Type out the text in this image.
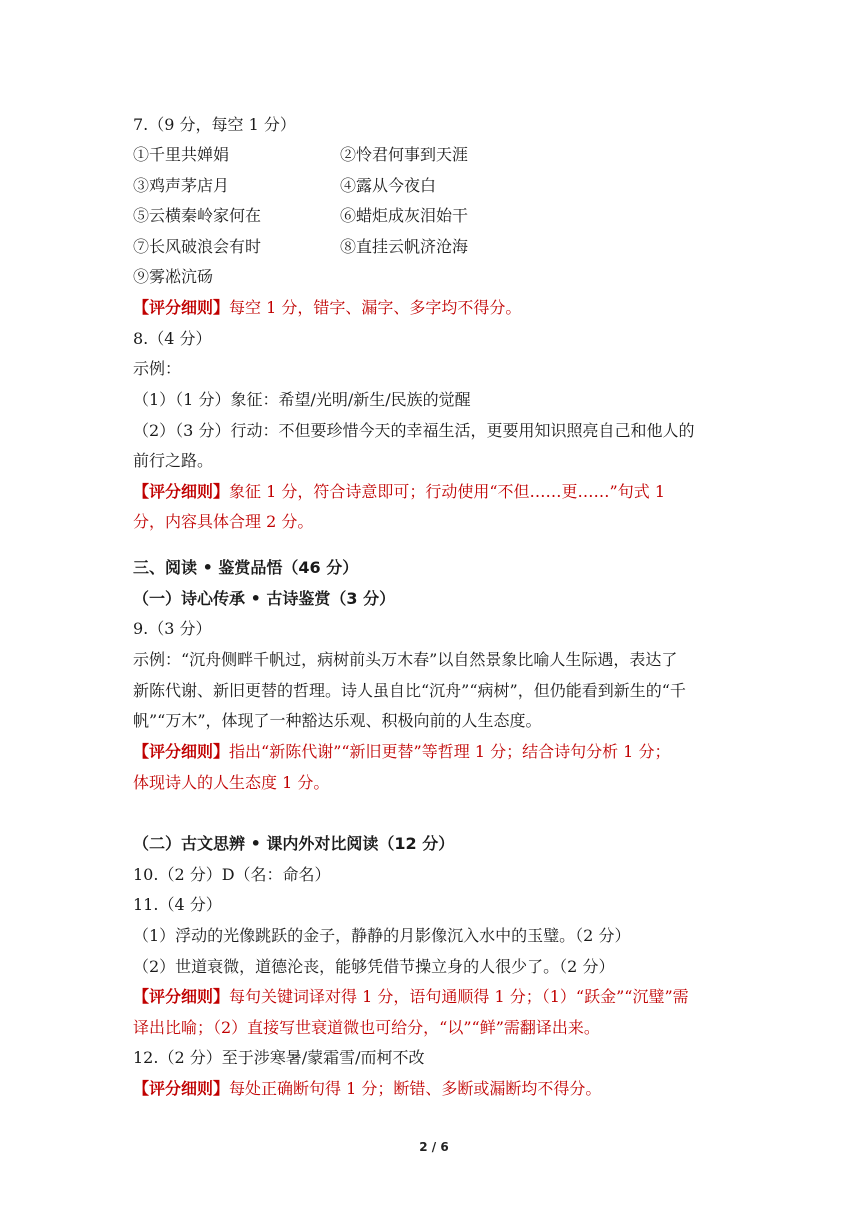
7.（9 分，每空 1 分）
①千里共婵娟	②怜君何事到天涯
③鸡声茅店月	④露从今夜白
⑤云横秦岭家何在	⑥蜡炬成灰泪始干
⑦长风破浪会有时	⑧直挂云帆济沧海
⑨雾凇沆砀
【评分细则】每空 1 分，错字、漏字、多字均不得分。
8.（4 分）
示例：
（1）（1 分）象征：希望/光明/新生/民族的觉醒
（2）（3 分）行动：不但要珍惜今天的幸福生活，更要用知识照亮自己和他人的
前行之路。
【评分细则】象征 1 分，符合诗意即可；行动使用“不但……更……”句式 1
分，内容具体合理 2 分。
三、阅读 • 鉴赏品悟（46 分）
（一）诗心传承 • 古诗鉴赏（3 分）
9.（3 分）
示例：“沉舟侧畔千帆过，病树前头万木春”以自然景象比喻人生际遇，表达了
新陈代谢、新旧更替的哲理。诗人虽自比“沉舟”“病树”，但仍能看到新生的“千
帆”“万木”，体现了一种豁达乐观、积极向前的人生态度。
【评分细则】指出“新陈代谢”“新旧更替”等哲理 1 分；结合诗句分析 1 分；
体现诗人的人生态度 1 分。
（二）古文思辨 • 课内外对比阅读（12 分）
10.（2 分）D（名：命名）
11.（4 分）
（1）浮动的光像跳跃的金子，静静的月影像沉入水中的玉璧。（2 分）
（2）世道衰微，道德沦丧，能够凭借节操立身的人很少了。（2 分）
【评分细则】每句关键词译对得 1 分，语句通顺得 1 分；（1）“跃金”“沉璧”需
译出比喻；（2）直接写世衰道微也可给分，“以”“鲜”需翻译出来。
12.（2 分）至于涉寒暑/蒙霜雪/而柯不改
【评分细则】每处正确断句得 1 分；断错、多断或漏断均不得分。
2 / 6
